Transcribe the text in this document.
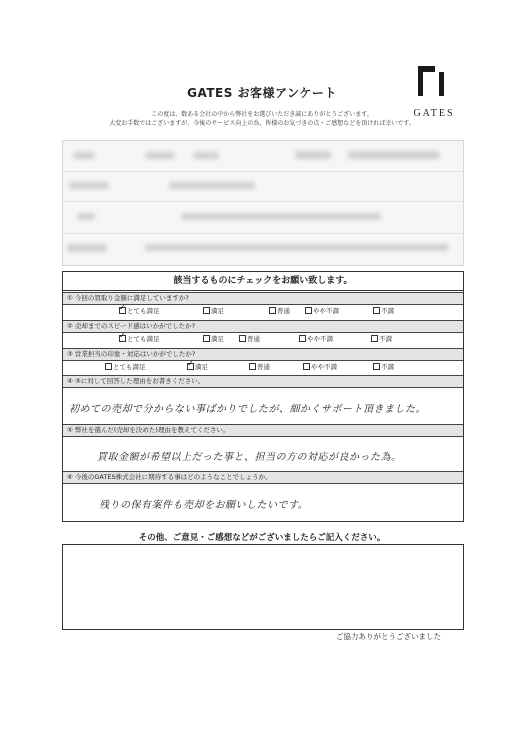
GATES お客様アンケート
この度は、数ある会社の中から弊社をお選びいただき誠にありがとうございます。
大変お手数ではございますが、今後のサービス向上の為、皆様のお気づきの点・ご感想などを頂ければ幸いです。
GATES
該当するものにチェックをお願い致します。
① 今回の買取り金額に満足していますか?
✓とても満足	満足	普通	やや不満	不満
② 売却までのスピード感はいかがでしたか?
✓とても満足	満足	普通	やや不満	不満
③ 営業担当の印象・対応はいかがでしたか?
とても満足
✓	満足	普通	やや不満	不満
④ ③に対して回答した理由をお書きください。
初めての売却で分からない事ばかりでしたが、細かくサポート頂きました。
⑤ 弊社を選んだ(売却を決めた)理由を教えてください。
買取金額が希望以上だった事と、担当の方の対応が良かった為。
⑥ 今後のGATES株式会社に期待する事はどのようなことでしょうか。
残りの保有案件も売却をお願いしたいです。
その他、ご意見・ご感想などがございましたらご記入ください。
ご協力ありがとうございました
